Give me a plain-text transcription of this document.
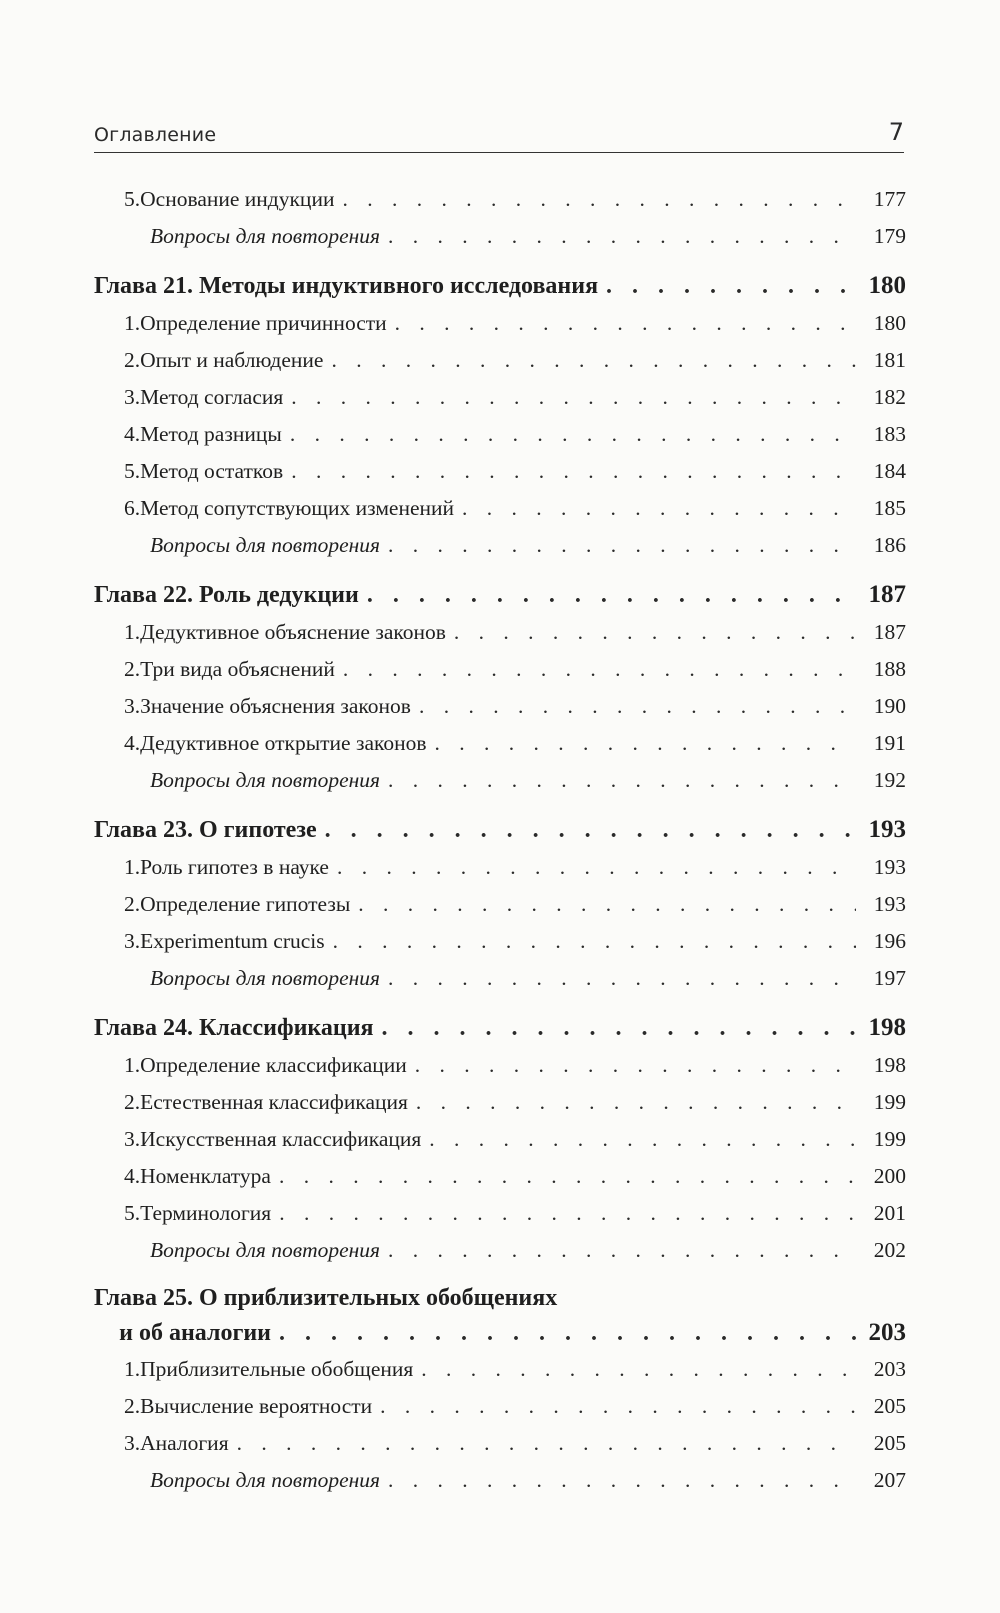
Оглавление	7
5. Основание индукции . . .	177
Вопросы для повторения . . .	179
Глава 21. Методы индуктивного исследования . . .	180
1. Определение причинности . . .	180
2. Опыт и наблюдение . . .	181
3. Метод согласия . . .	182
4. Метод разницы . . .	183
5. Метод остатков . . .	184
6. Метод сопутствующих изменений . . .	185
Вопросы для повторения . . .	186
Глава 22. Роль дедукции . . .	187
1. Дедуктивное объяснение законов . . .	187
2. Три вида объяснений . . .	188
3. Значение объяснения законов . . .	190
4. Дедуктивное открытие законов . . .	191
Вопросы для повторения . . .	192
Глава 23. О гипотезе . . .	193
1. Роль гипотез в науке . . .	193
2. Определение гипотезы . . .	193
3. Experimentum crucis . . .	196
Вопросы для повторения . . .	197
Глава 24. Классификация . . .	198
1. Определение классификации . . .	198
2. Естественная классификация . . .	199
3. Искусственная классификация . . .	199
4. Номенклатура . . .	200
5. Терминология . . .	201
Вопросы для повторения . . .	202
Глава 25. О приблизительных обобщениях
и об аналогии . . .	203
1. Приблизительные обобщения . . .	203
2. Вычисление вероятности . . .	205
3. Аналогия . . .	205
Вопросы для повторения . . .	207
